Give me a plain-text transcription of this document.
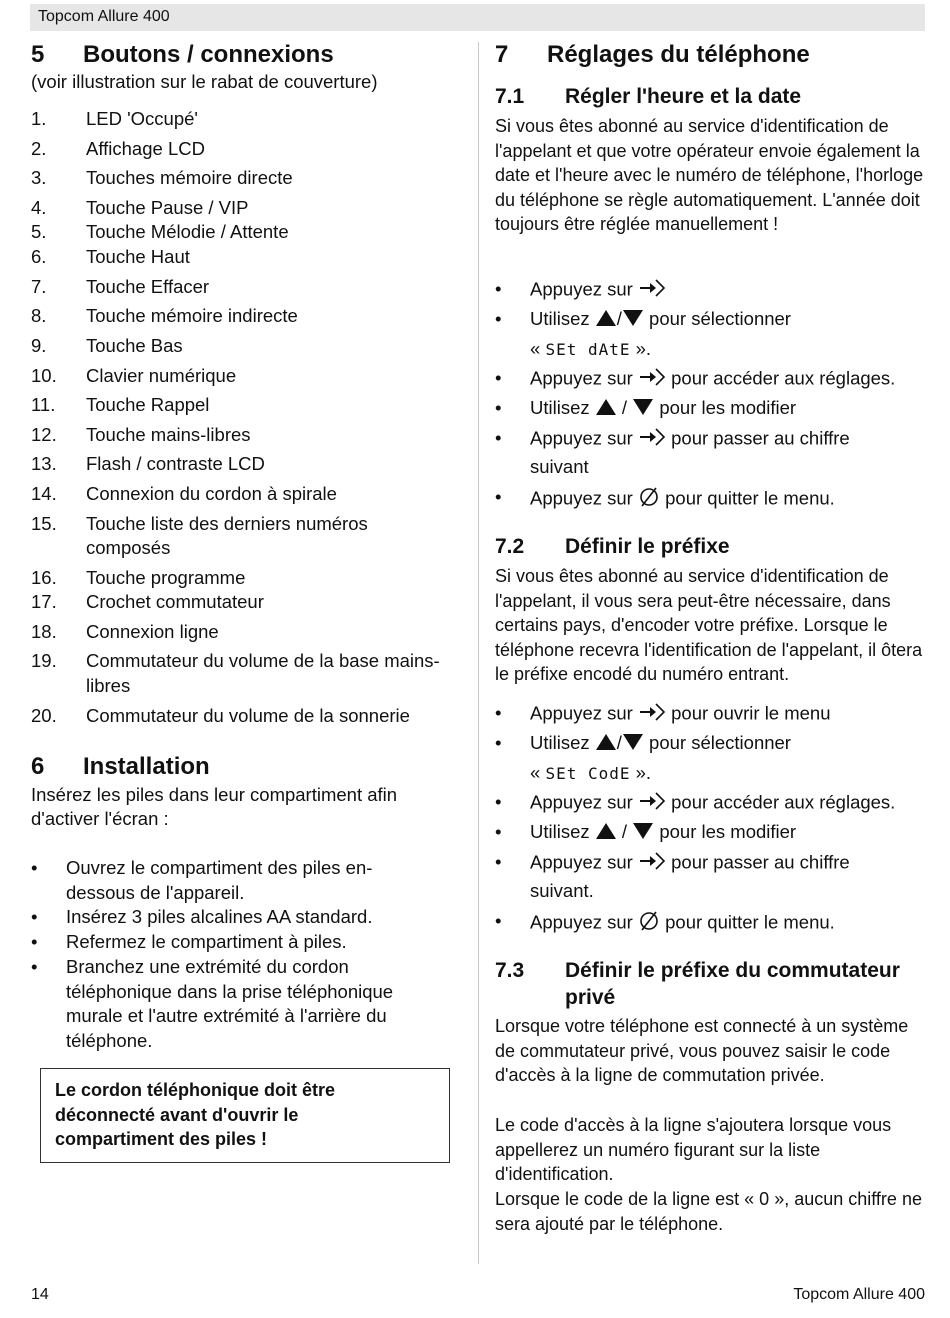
Topcom Allure 400
5 Boutons / connexions
(voir illustration sur le rabat de couverture)
1. LED 'Occupé'
2. Affichage LCD
3. Touches mémoire directe
4. Touche Pause / VIP
5. Touche Mélodie / Attente
6. Touche Haut
7. Touche Effacer
8. Touche mémoire indirecte
9. Touche Bas
10. Clavier numérique
11. Touche Rappel
12. Touche mains-libres
13. Flash / contraste LCD
14. Connexion du cordon à spirale
15. Touche liste des derniers numéros
composés
16. Touche programme
17. Crochet commutateur
18. Connexion ligne
19. Commutateur du volume de la base mains-
libres
20. Commutateur du volume de la sonnerie
6 Installation
Insérez les piles dans leur compartiment afin
d'activer l'écran :
• Ouvrez le compartiment des piles en-
dessous de l'appareil.
• Insérez 3 piles alcalines AA standard.
• Refermez le compartiment à piles.
• Branchez une extrémité du cordon
téléphonique dans la prise téléphonique
murale et l'autre extrémité à l'arrière du
téléphone.
Le cordon téléphonique doit être déconnecté avant d'ouvrir le compartiment des piles !
7 Réglages du téléphone
7.1 Régler l'heure et la date
Si vous êtes abonné au service d'identification de l'appelant et que votre opérateur envoie également la date et l'heure avec le numéro de téléphone, l'horloge du téléphone se règle automatiquement. L'année doit toujours être réglée manuellement !
• Appuyez sur
• Utilisez / pour sélectionner
« SEt dAtE ».
• Appuyez sur pour accéder aux réglages.
• Utilisez / pour les modifier
• Appuyez sur pour passer au chiffre
suivant
• Appuyez sur pour quitter le menu.
7.2 Définir le préfixe
Si vous êtes abonné au service d'identification de l'appelant, il vous sera peut-être nécessaire, dans certains pays, d'encoder votre préfixe. Lorsque le téléphone recevra l'identification de l'appelant, il ôtera le préfixe encodé du numéro entrant.
• Appuyez sur pour ouvrir le menu
• Utilisez / pour sélectionner
« SEt CodE ».
• Appuyez sur pour accéder aux réglages.
• Utilisez / pour les modifier
• Appuyez sur pour passer au chiffre
suivant.
• Appuyez sur pour quitter le menu.
7.3 Définir le préfixe du commutateur
privé
Lorsque votre téléphone est connecté à un système de commutateur privé, vous pouvez saisir le code d'accès à la ligne de commutation privée.
Le code d'accès à la ligne s'ajoutera lorsque vous appellerez un numéro figurant sur la liste d'identification.
Lorsque le code de la ligne est « 0 », aucun chiffre ne sera ajouté par le téléphone.
14	Topcom Allure 400
